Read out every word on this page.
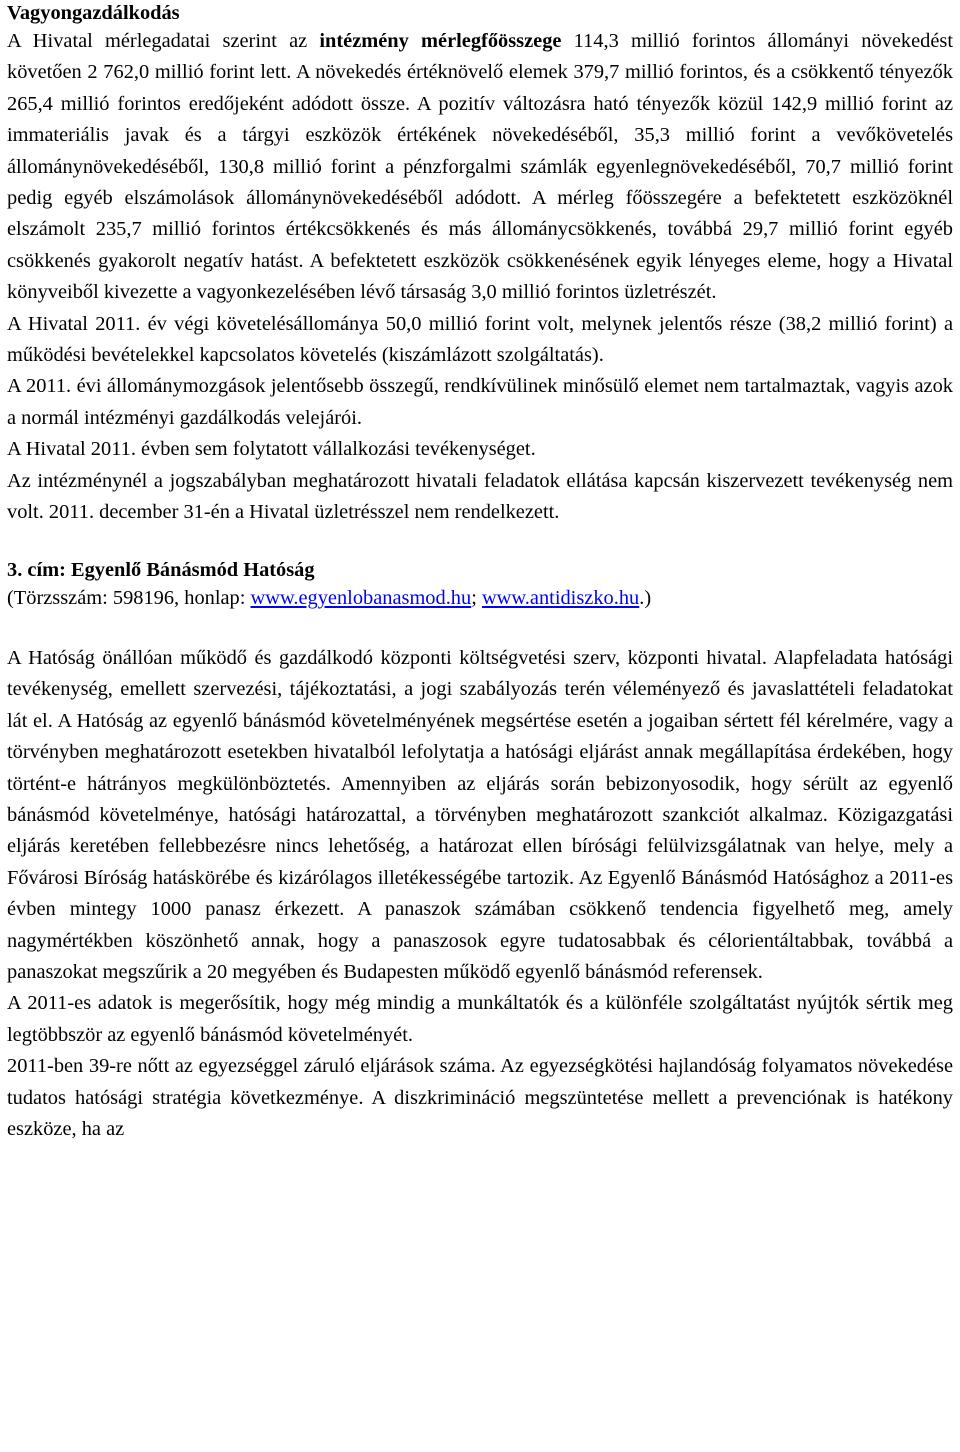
Vagyongazdálkodás

A Hivatal mérlegadatai szerint az intézmény mérlegfőösszege 114,3 millió forintos állományi növekedést követően 2 762,0 millió forint lett. A növekedés értéknövelő elemek 379,7 millió forintos, és a csökkentő tényezők 265,4 millió forintos eredőjeként adódott össze. A pozitív változásra ható tényezők közül 142,9 millió forint az immateriális javak és a tárgyi eszközök értékének növekedéséből, 35,3 millió forint a vevőkövetelés állománynövekedéséből, 130,8 millió forint a pénzforgalmi számlák egyenlegnövekedéséből, 70,7 millió forint pedig egyéb elszámolások állománynövekedéséből adódott. A mérleg főösszegére a befektetett eszközöknél elszámolt 235,7 millió forintos értékcsökkenés és más állománycsökkenés, továbbá 29,7 millió forint egyéb csökkenés gyakorolt negatív hatást. A befektetett eszközök csökkenésének egyik lényeges eleme, hogy a Hivatal könyveiből kivezette a vagyonkezelésében lévő társaság 3,0 millió forintos üzletrészét.

A Hivatal 2011. év végi követelésállománya 50,0 millió forint volt, melynek jelentős része (38,2 millió forint) a működési bevételekkel kapcsolatos követelés (kiszámlázott szolgáltatás).

A 2011. évi állománymozgások jelentősebb összegű, rendkívülinek minősülő elemet nem tartalmaztak, vagyis azok a normál intézményi gazdálkodás velejárói.

A Hivatal 2011. évben sem folytatott vállalkozási tevékenységet.

Az intézménynél a jogszabályban meghatározott hivatali feladatok ellátása kapcsán kiszervezett tevékenység nem volt. 2011. december 31-én a Hivatal üzletrésszel nem rendelkezett.

3. cím: Egyenlő Bánásmód Hatóság

(Törzsszám: 598196, honlap: www.egyenlobanasmod.hu; www.antidiszko.hu.)

A Hatóság önállóan működő és gazdálkodó központi költségvetési szerv, központi hivatal. Alapfeladata hatósági tevékenység, emellett szervezési, tájékoztatási, a jogi szabályozás terén véleményező és javaslattételi feladatokat lát el. A Hatóság az egyenlő bánásmód követelményének megsértése esetén a jogaiban sértett fél kérelmére, vagy a törvényben meghatározott esetekben hivatalból lefolytatja a hatósági eljárást annak megállapítása érdekében, hogy történt-e hátrányos megkülönböztetés. Amennyiben az eljárás során bebizonyosodik, hogy sérült az egyenlő bánásmód követelménye, hatósági határozattal, a törvényben meghatározott szankciót alkalmaz. Közigazgatási eljárás keretében fellebbezésre nincs lehetőség, a határozat ellen bírósági felülvizsgálatnak van helye, mely a Fővárosi Bíróság hatáskörébe és kizárólagos illetékességébe tartozik. Az Egyenlő Bánásmód Hatósághoz a 2011-es évben mintegy 1000 panasz érkezett. A panaszok számában csökkenő tendencia figyelhető meg, amely nagymértékben köszönhető annak, hogy a panaszosok egyre tudatosabbak és célorientáltabbak, továbbá a panaszokat megszűrik a 20 megyében és Budapesten működő egyenlő bánásmód referensek.

A 2011-es adatok is megerősítik, hogy még mindig a munkáltatók és a különféle szolgáltatást nyújtók sértik meg legtöbbször az egyenlő bánásmód követelményét.

2011-ben 39-re nőtt az egyezséggel záruló eljárások száma. Az egyezségkötési hajlandóság folyamatos növekedése tudatos hatósági stratégia következménye. A diszkrimináció megszüntetése mellett a prevenciónak is hatékony eszköze, ha az
